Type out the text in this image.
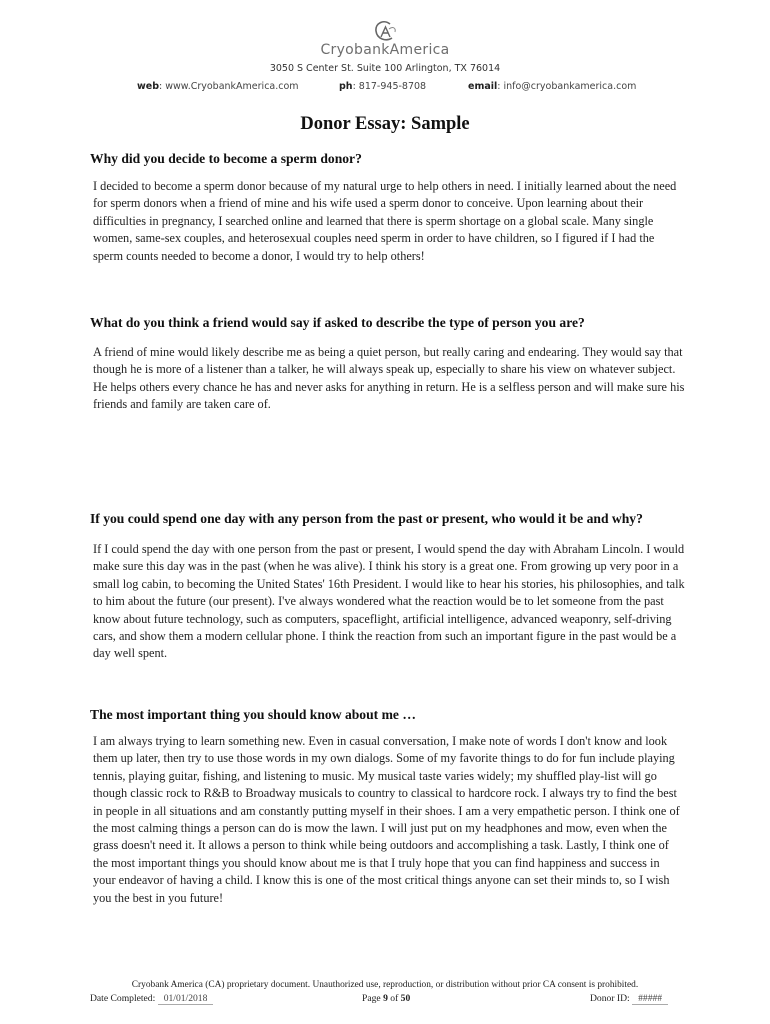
CryobankAmerica
3050 S Center St. Suite 100 Arlington, TX 76014
web: www.CryobankAmerica.com	ph: 817-945-8708	email: info@cryobankamerica.com
Donor Essay: Sample
Why did you decide to become a sperm donor?
I decided to become a sperm donor because of my natural urge to help others in need. I initially learned about the need for sperm donors when a friend of mine and his wife used a sperm donor to conceive. Upon learning about their difficulties in pregnancy, I searched online and learned that there is sperm shortage on a global scale. Many single women, same-sex couples, and heterosexual couples need sperm in order to have children, so I figured if I had the sperm counts needed to become a donor, I would try to help others!
What do you think a friend would say if asked to describe the type of person you are?
A friend of mine would likely describe me as being a quiet person, but really caring and endearing. They would say that though he is more of a listener than a talker, he will always speak up, especially to share his view on whatever subject. He helps others every chance he has and never asks for anything in return. He is a selfless person and will make sure his friends and family are taken care of.
If you could spend one day with any person from the past or present, who would it be and why?
If I could spend the day with one person from the past or present, I would spend the day with Abraham Lincoln. I would make sure this day was in the past (when he was alive). I think his story is a great one. From growing up very poor in a small log cabin, to becoming the United States' 16th President. I would like to hear his stories, his philosophies, and talk to him about the future (our present). I've always wondered what the reaction would be to let someone from the past know about future technology, such as computers, spaceflight, artificial intelligence, advanced weaponry, self-driving cars, and show them a modern cellular phone. I think the reaction from such an important figure in the past would be a day well spent.
The most important thing you should know about me …
I am always trying to learn something new. Even in casual conversation, I make note of words I don't know and look them up later, then try to use those words in my own dialogs. Some of my favorite things to do for fun include playing tennis, playing guitar, fishing, and listening to music. My musical taste varies widely; my shuffled play-list will go though classic rock to R&B to Broadway musicals to country to classical to hardcore rock. I always try to find the best in people in all situations and am constantly putting myself in their shoes. I am a very empathetic person. I think one of the most calming things a person can do is mow the lawn. I will just put on my headphones and mow, even when the grass doesn't need it. It allows a person to think while being outdoors and accomplishing a task. Lastly, I think one of the most important things you should know about me is that I truly hope that you can find happiness and success in your endeavor of having a child. I know this is one of the most critical things anyone can set their minds to, so I wish you the best in you future!
Cryobank America (CA) proprietary document. Unauthorized use, reproduction, or distribution without prior CA consent is prohibited.
Date Completed: 01/01/2018	Page 9 of 50	Donor ID: #####
